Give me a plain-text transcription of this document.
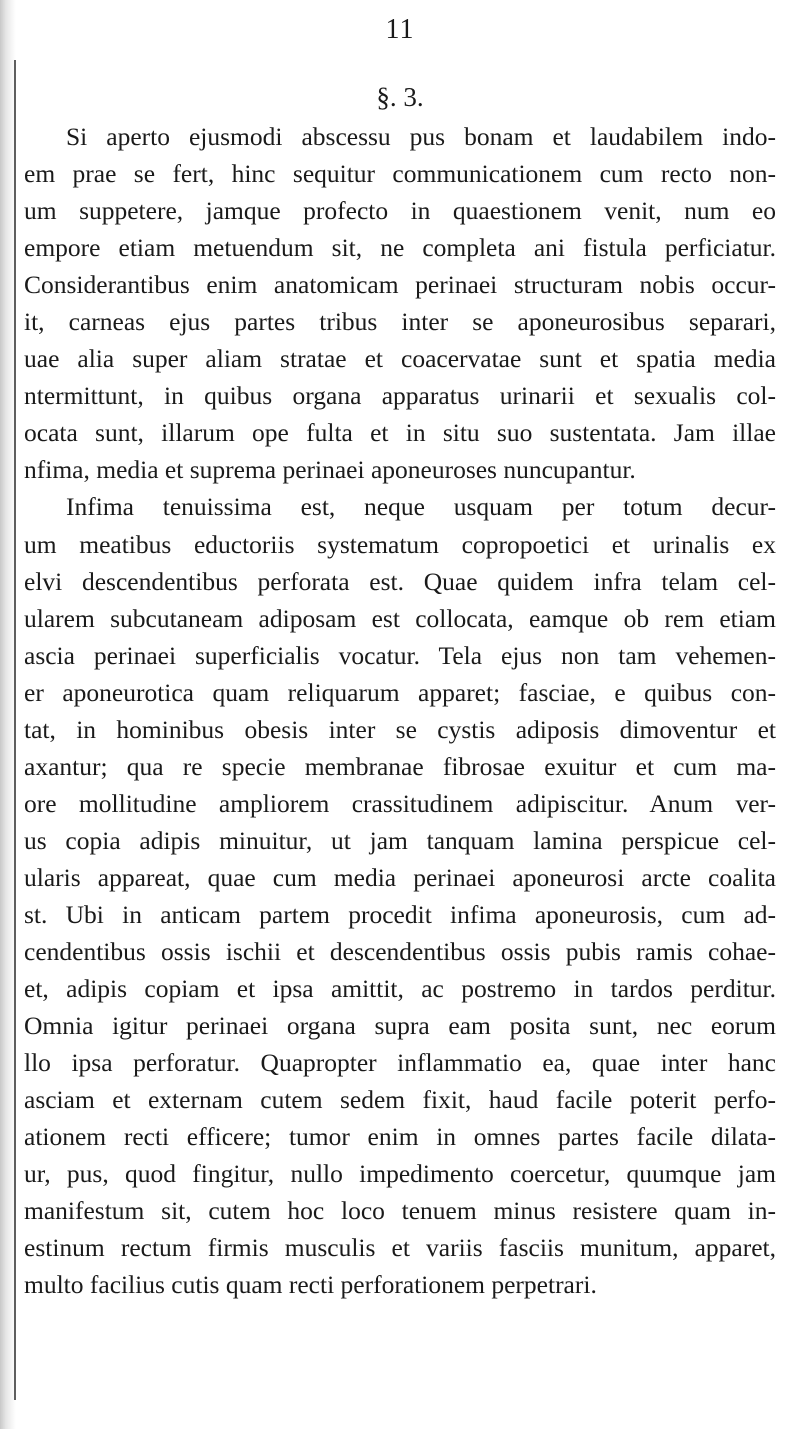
11
§. 3.
Si aperto ejusmodi abscessu pus bonam et laudabilem indo-
em prae se fert, hinc sequitur communicationem cum recto non-
um suppetere, jamque profecto in quaestionem venit, num eo
empore etiam metuendum sit, ne completa ani fistula perficiatur.
Considerantibus enim anatomicam perinaei structuram nobis occur-
it, carneas ejus partes tribus inter se aponeurosibus separari,
uae alia super aliam stratae et coacervatae sunt et spatia media
ntermittunt, in quibus organa apparatus urinarii et sexualis col-
ocata sunt, illarum ope fulta et in situ suo sustentata. Jam illae
nfima, media et suprema perinaei aponeuroses nuncupantur.
Infima tenuissima est, neque usquam per totum decur-
um meatibus eductoriis systematum copropoetici et urinalis ex
elvi descendentibus perforata est. Quae quidem infra telam cel-
ularem subcutaneam adiposam est collocata, eamque ob rem etiam
ascia perinaei superficialis vocatur. Tela ejus non tam vehemen-
er aponeurotica quam reliquarum apparet; fasciae, e quibus con-
tat, in hominibus obesis inter se cystis adiposis dimoventur et
axantur; qua re specie membranae fibrosae exuitur et cum ma-
ore mollitudine ampliorem crassitudinem adipiscitur. Anum ver-
us copia adipis minuitur, ut jam tanquam lamina perspicue cel-
ularis appareat, quae cum media perinaei aponeurosi arcte coalita
st. Ubi in anticam partem procedit infima aponeurosis, cum ad-
cendentibus ossis ischii et descendentibus ossis pubis ramis cohae-
et, adipis copiam et ipsa amittit, ac postremo in tardos perditur.
Omnia igitur perinaei organa supra eam posita sunt, nec eorum
llo ipsa perforatur. Quapropter inflammatio ea, quae inter hanc
asciam et externam cutem sedem fixit, haud facile poterit perfo-
ationem recti efficere; tumor enim in omnes partes facile dilata-
ur, pus, quod fingitur, nullo impedimento coercetur, quumque jam
manifestum sit, cutem hoc loco tenuem minus resistere quam in-
estinum rectum firmis musculis et variis fasciis munitum, apparet,
multo facilius cutis quam recti perforationem perpetrari.
